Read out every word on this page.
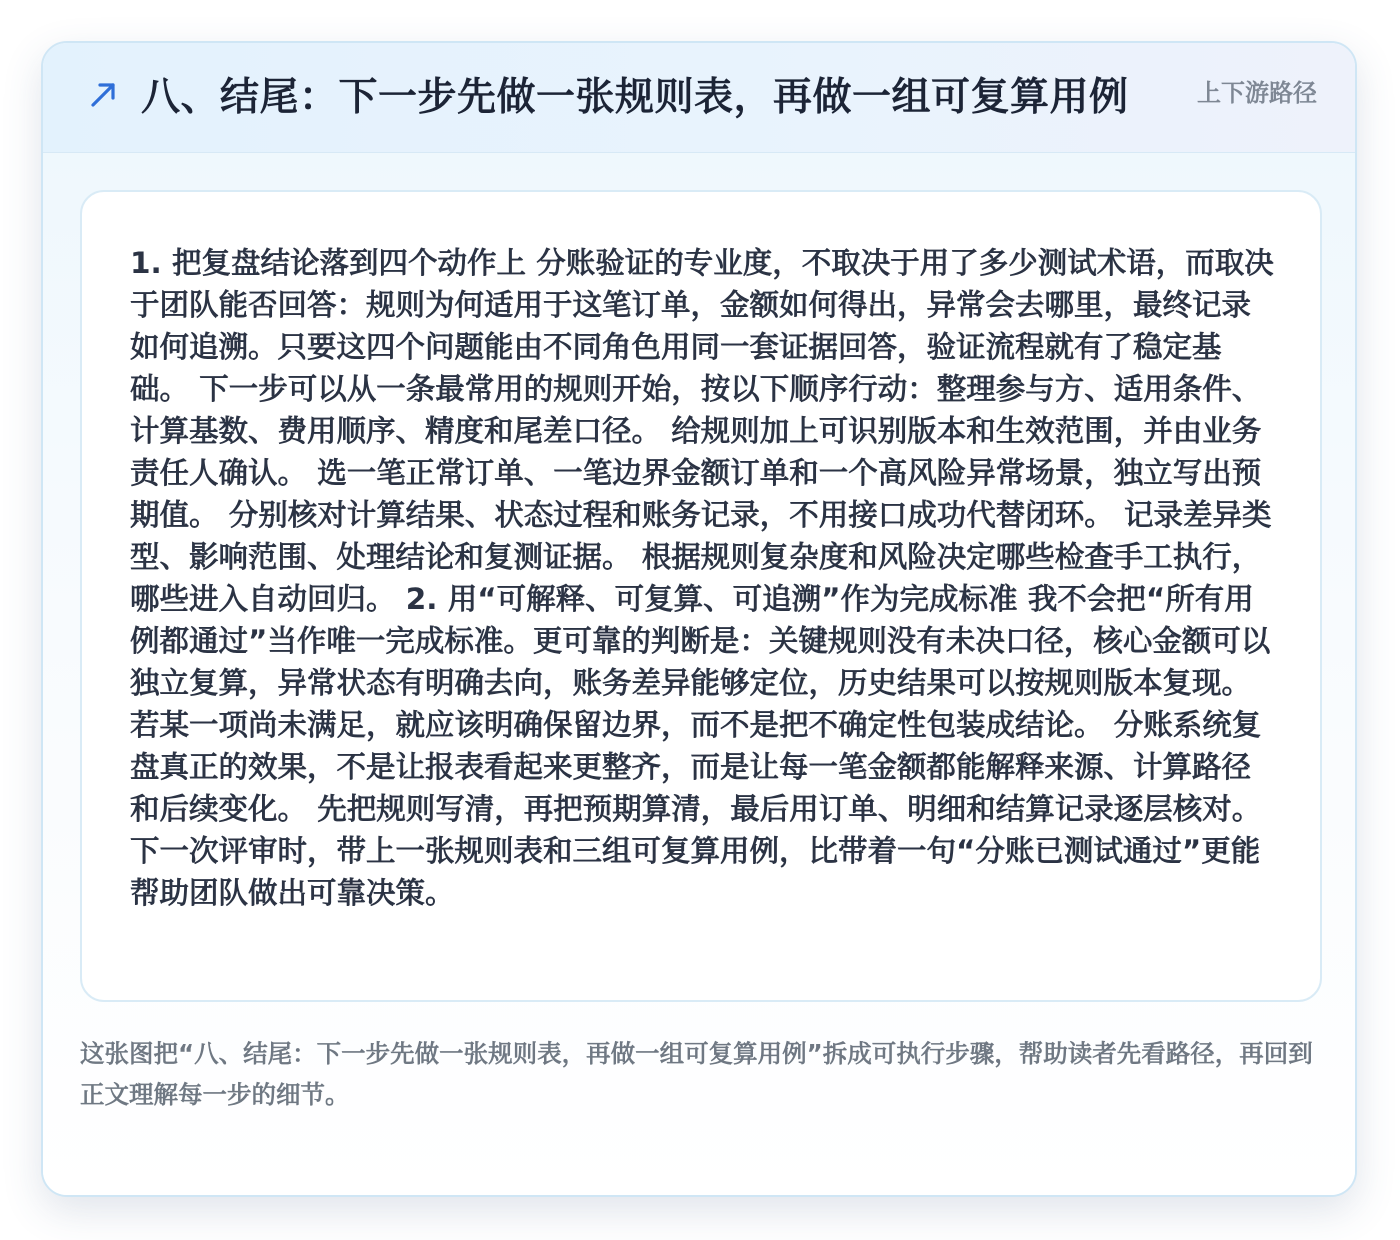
八、结尾：下一步先做一张规则表，再做一组可复算用例	上下游路径

1. 把复盘结论落到四个动作上 分账验证的专业度，不取决于用了多少测试术语，而取决于团队能否回答：规则为何适用于这笔订单，金额如何得出，异常会去哪里，最终记录如何追溯。只要这四个问题能由不同角色用同一套证据回答，验证流程就有了稳定基础。 下一步可以从一条最常用的规则开始，按以下顺序行动：整理参与方、适用条件、计算基数、费用顺序、精度和尾差口径。 给规则加上可识别版本和生效范围，并由业务责任人确认。 选一笔正常订单、一笔边界金额订单和一个高风险异常场景，独立写出预期值。 分别核对计算结果、状态过程和账务记录，不用接口成功代替闭环。 记录差异类型、影响范围、处理结论和复测证据。 根据规则复杂度和风险决定哪些检查手工执行，哪些进入自动回归。 2. 用“可解释、可复算、可追溯”作为完成标准 我不会把“所有用例都通过”当作唯一完成标准。更可靠的判断是：关键规则没有未决口径，核心金额可以独立复算，异常状态有明确去向，账务差异能够定位，历史结果可以按规则版本复现。若某一项尚未满足，就应该明确保留边界，而不是把不确定性包装成结论。 分账系统复盘真正的效果，不是让报表看起来更整齐，而是让每一笔金额都能解释来源、计算路径和后续变化。 先把规则写清，再把预期算清，最后用订单、明细和结算记录逐层核对。下一次评审时，带上一张规则表和三组可复算用例，比带着一句“分账已测试通过”更能帮助团队做出可靠决策。

这张图把“八、结尾：下一步先做一张规则表，再做一组可复算用例”拆成可执行步骤，帮助读者先看路径，再回到正文理解每一步的细节。
